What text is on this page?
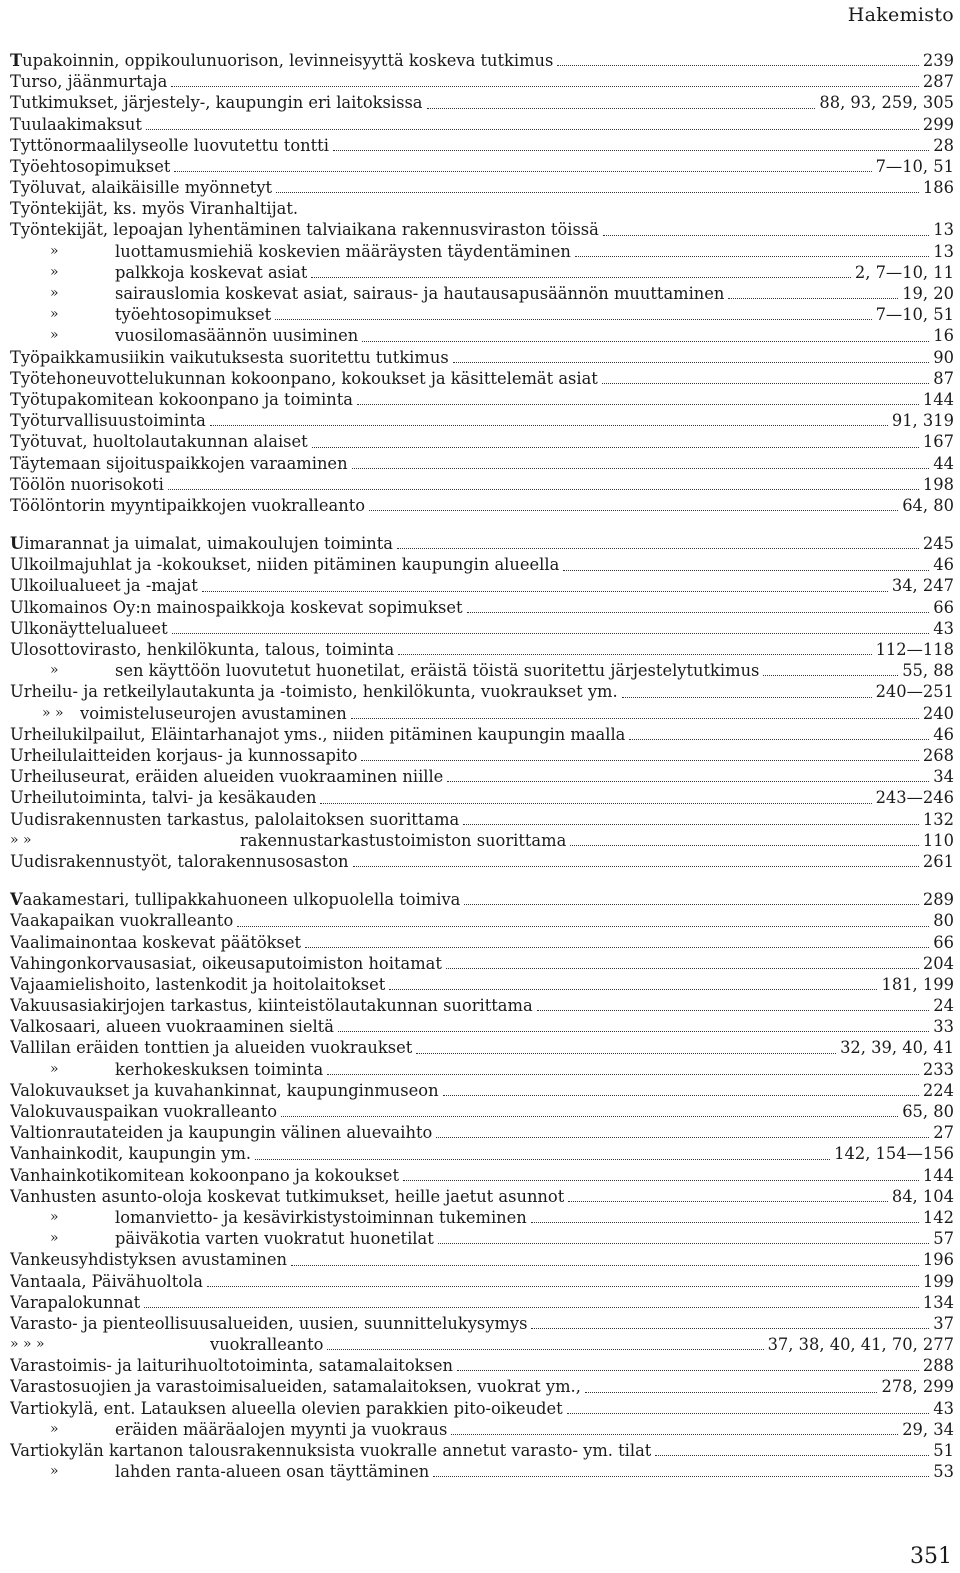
Hakemisto
Tupakoinnin, oppikoulunuorison, levinneisyyttä koskeva tutkimus	239
Turso, jäänmurtaja	287
Tutkimukset, järjestely-, kaupungin eri laitoksissa	88, 93, 259, 305
Tuulaakimaksut	299
Tyttönormaalilyseolle luovutettu tontti	28
Työehtosopimukset	7—10, 51
Työluvat, alaikäisille myönnetyt	186
Työntekijät, ks. myös Viranhaltijat.
Työntekijät, lepoajan lyhentäminen talviaikana rakennusviraston töissä	13
»	luottamusmiehiä koskevien määräysten täydentäminen	13
»	palkkoja koskevat asiat	2, 7—10, 11
»	sairauslomia koskevat asiat, sairaus- ja hautausapusäännön muuttaminen	19, 20
»	työehtosopimukset	7—10, 51
»	vuosilomasäännön uusiminen	16
Työpaikkamusiikin vaikutuksesta suoritettu tutkimus	90
Työtehoneuvottelukunnan kokoonpano, kokoukset ja käsittelemät asiat	87
Työtupakomitean kokoonpano ja toiminta	144
Työturvallisuustoiminta	91, 319
Työtuvat, huoltolautakunnan alaiset	167
Täytemaan sijoituspaikkojen varaaminen	44
Töölön nuorisokoti	198
Töölöntorin myyntipaikkojen vuokralleanto	64, 80
Uimarannat ja uimalat, uimakoulujen toiminta	245
Ulkoilmajuhlat ja -kokoukset, niiden pitäminen kaupungin alueella	46
Ulkoilualueet ja -majat	34, 247
Ulkomainos Oy:n mainospaikkoja koskevat sopimukset	66
Ulkonäyttelualueet	43
Ulosottovirasto, henkilökunta, talous, toiminta	112—118
»	sen käyttöön luovutetut huonetilat, eräistä töistä suoritettu järjestelytutkimus	55, 88
Urheilu- ja retkeilylautakunta ja -toimisto, henkilökunta, vuokraukset ym.	240—251
» »	voimisteluseurojen avustaminen	240
Urheilukilpailut, Eläintarhanajot yms., niiden pitäminen kaupungin maalla	46
Urheilulaitteiden korjaus- ja kunnossapito	268
Urheiluseurat, eräiden alueiden vuokraaminen niille	34
Urheilutoiminta, talvi- ja kesäkauden	243—246
Uudisrakennusten tarkastus, palolaitoksen suorittama	132
» »	rakennustarkastustoimiston suorittama	110
Uudisrakennustyöt, talorakennusosaston	261
Vaakamestari, tullipakkahuoneen ulkopuolella toimiva	289
Vaakapaikan vuokralleanto	80
Vaalimainontaa koskevat päätökset	66
Vahingonkorvausasiat, oikeusaputoimiston hoitamat	204
Vajaamielishoito, lastenkodit ja hoitolaitokset	181, 199
Vakuusasiakirjojen tarkastus, kiinteistölautakunnan suorittama	24
Valkosaari, alueen vuokraaminen sieltä	33
Vallilan eräiden tonttien ja alueiden vuokraukset	32, 39, 40, 41
»	kerhokeskuksen toiminta	233
Valokuvaukset ja kuvahankinnat, kaupunginmuseon	224
Valokuvauspaikan vuokralleanto	65, 80
Valtionrautateiden ja kaupungin välinen aluevaihto	27
Vanhainkodit, kaupungin ym.	142, 154—156
Vanhainkotikomitean kokoonpano ja kokoukset	144
Vanhusten asunto-oloja koskevat tutkimukset, heille jaetut asunnot	84, 104
»	lomanvietto- ja kesävirkistystoiminnan tukeminen	142
»	päiväkotia varten vuokratut huonetilat	57
Vankeusyhdistyksen avustaminen	196
Vantaala, Päivähuoltola	199
Varapalokunnat	134
Varasto- ja pienteollisuusalueiden, uusien, suunnittelukysymys	37
» » »	vuokralleanto	37, 38, 40, 41, 70, 277
Varastoimis- ja laiturihuoltotoiminta, satamalaitoksen	288
Varastosuojien ja varastoimisalueiden, satamalaitoksen, vuokrat ym.,	278, 299
Vartiokylä, ent. Latauksen alueella olevien parakkien pito-oikeudet	43
»	eräiden määräalojen myynti ja vuokraus	29, 34
Vartiokylän kartanon talousrakennuksista vuokralle annetut varasto- ym. tilat	51
»	lahden ranta-alueen osan täyttäminen	53
351
